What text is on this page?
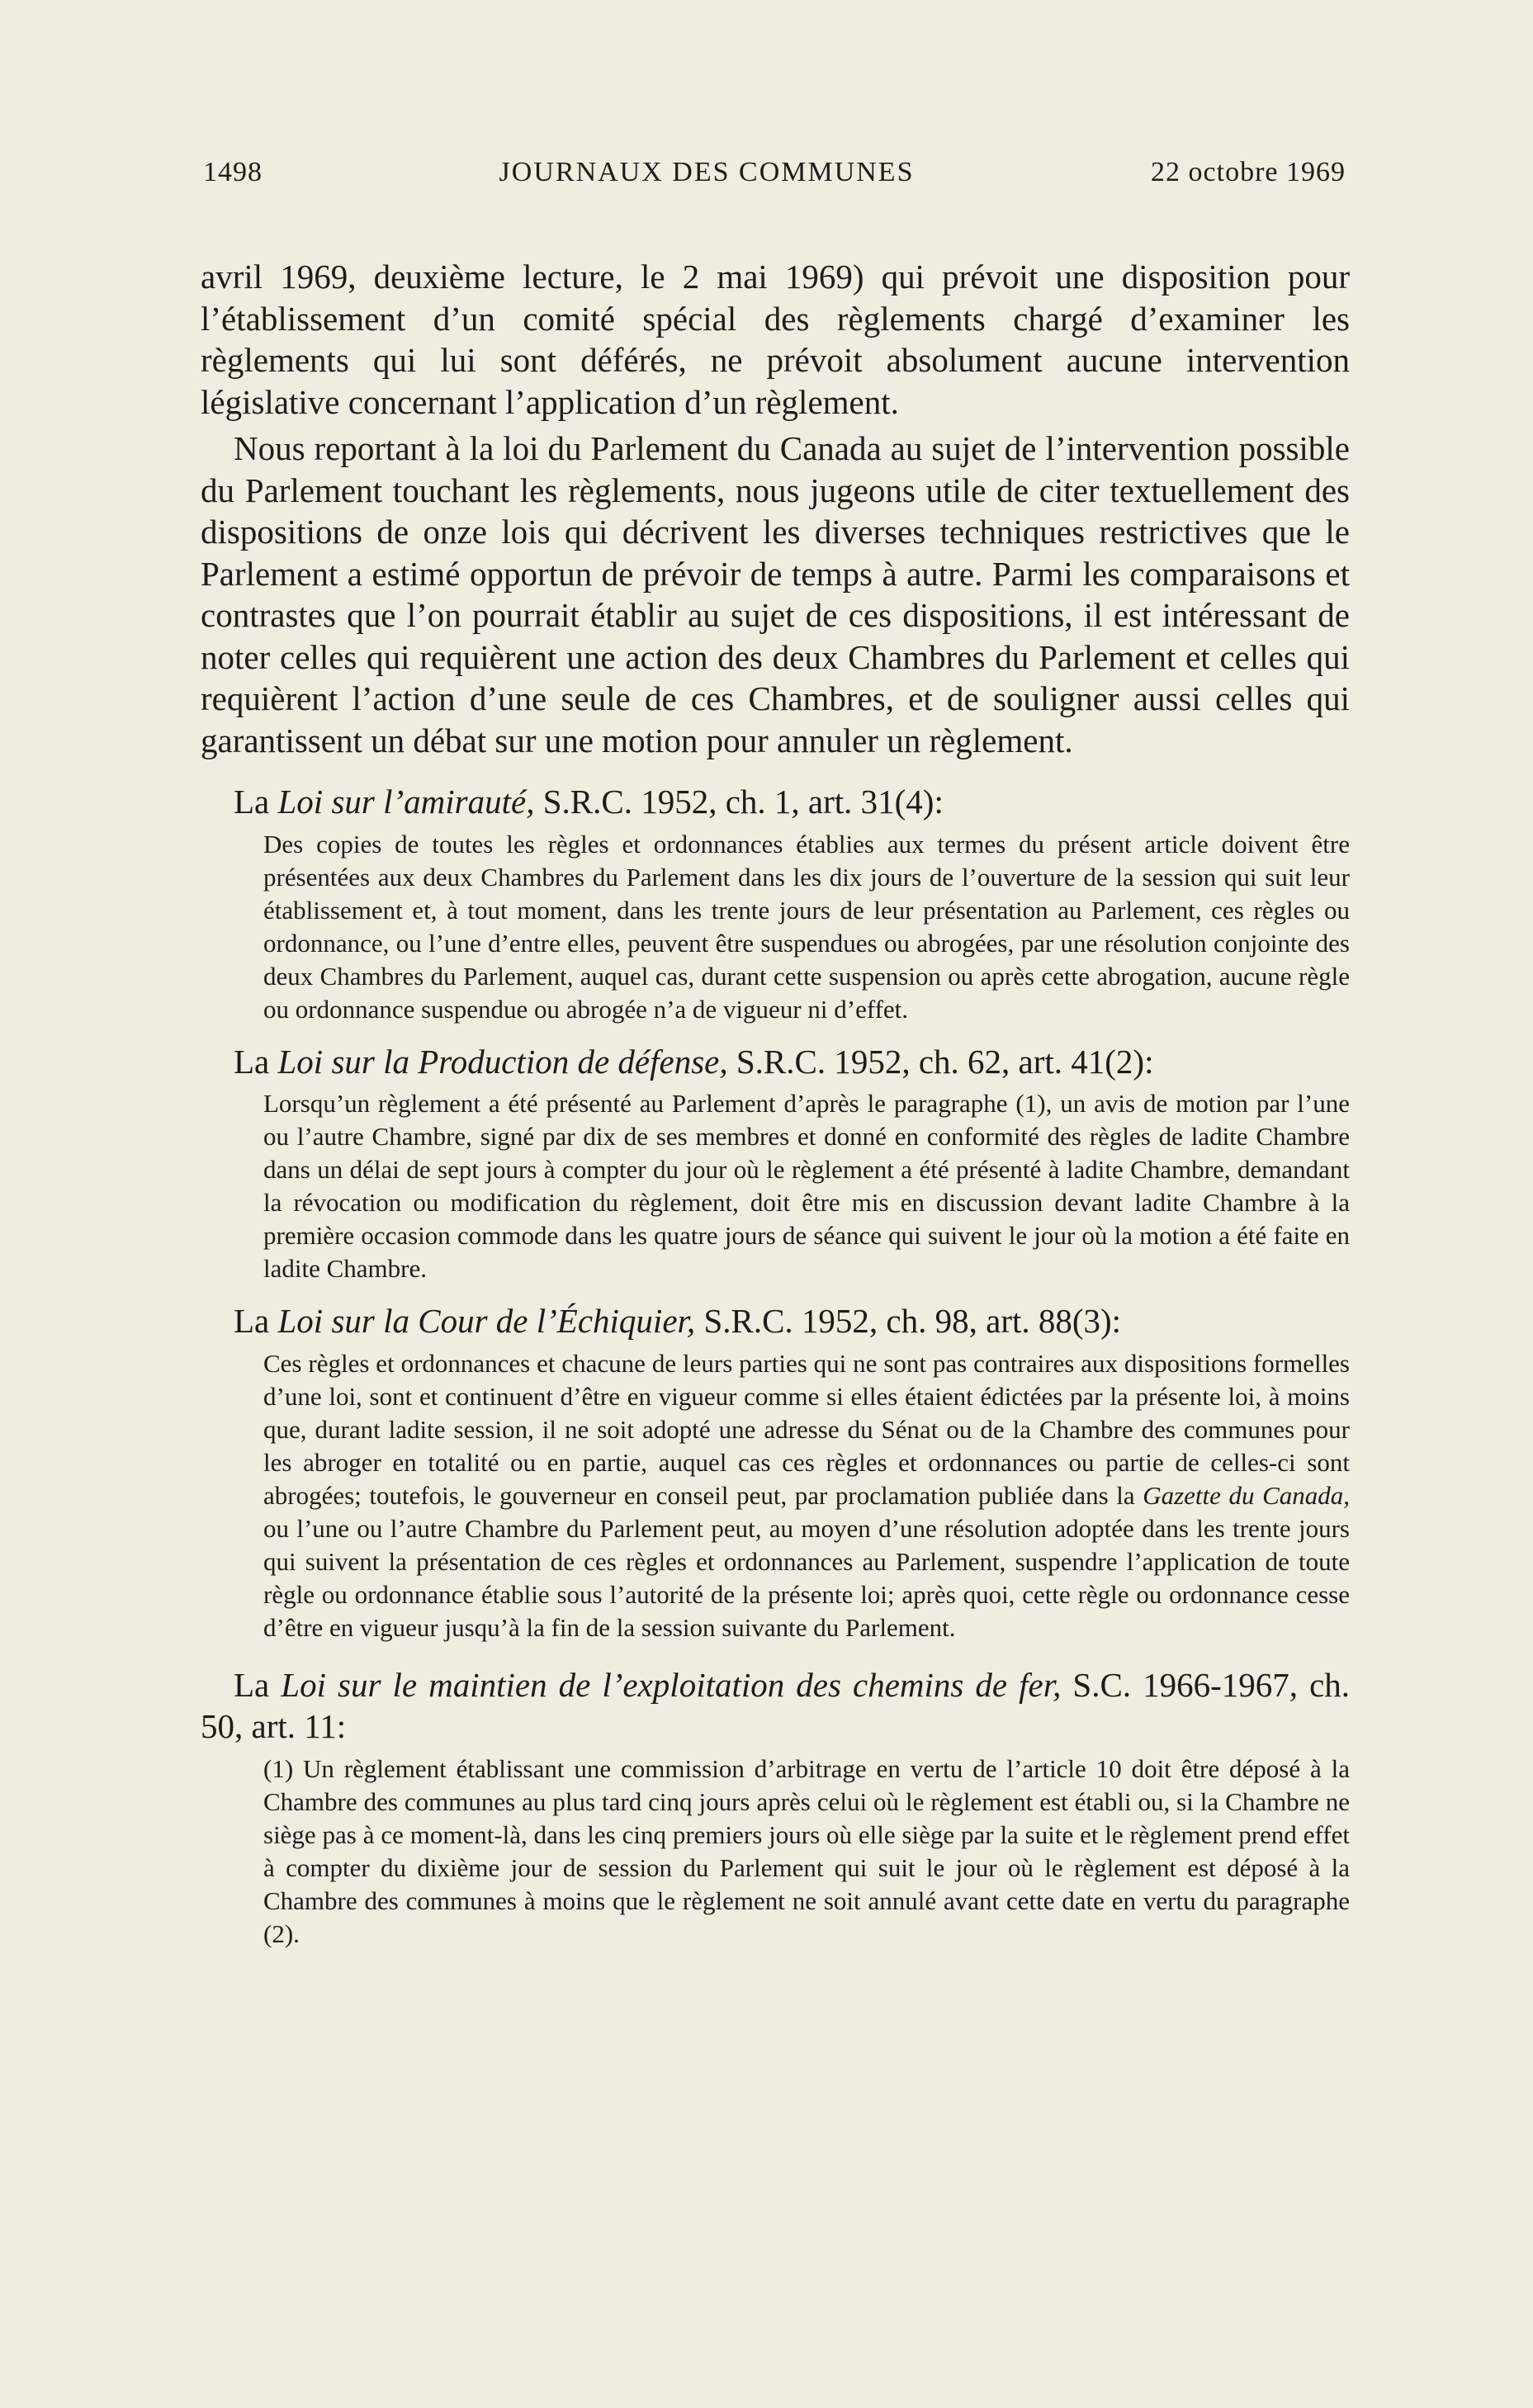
1498	JOURNAUX DES COMMUNES	22 octobre 1969

avril 1969, deuxième lecture, le 2 mai 1969) qui prévoit une disposition pour l’établissement d’un comité spécial des règlements chargé d’examiner les règlements qui lui sont déférés, ne prévoit absolument aucune intervention législative concernant l’application d’un règlement.

Nous reportant à la loi du Parlement du Canada au sujet de l’intervention possible du Parlement touchant les règlements, nous jugeons utile de citer textuellement des dispositions de onze lois qui décrivent les diverses techniques restrictives que le Parlement a estimé opportun de prévoir de temps à autre. Parmi les comparaisons et contrastes que l’on pourrait établir au sujet de ces dispositions, il est intéressant de noter celles qui requièrent une action des deux Chambres du Parlement et celles qui requièrent l’action d’une seule de ces Chambres, et de souligner aussi celles qui garantissent un débat sur une motion pour annuler un règlement.

La Loi sur l’amirauté, S.R.C. 1952, ch. 1, art. 31(4):

Des copies de toutes les règles et ordonnances établies aux termes du présent article doivent être présentées aux deux Chambres du Parlement dans les dix jours de l’ouverture de la session qui suit leur établissement et, à tout moment, dans les trente jours de leur présentation au Parlement, ces règles ou ordonnance, ou l’une d’entre elles, peuvent être suspendues ou abrogées, par une résolution conjointe des deux Chambres du Parlement, auquel cas, durant cette suspension ou après cette abrogation, aucune règle ou ordonnance suspendue ou abrogée n’a de vigueur ni d’effet.

La Loi sur la Production de défense, S.R.C. 1952, ch. 62, art. 41(2):

Lorsqu’un règlement a été présenté au Parlement d’après le paragraphe (1), un avis de motion par l’une ou l’autre Chambre, signé par dix de ses membres et donné en conformité des règles de ladite Chambre dans un délai de sept jours à compter du jour où le règlement a été présenté à ladite Chambre, demandant la révocation ou modification du règlement, doit être mis en discussion devant ladite Chambre à la première occasion commode dans les quatre jours de séance qui suivent le jour où la motion a été faite en ladite Chambre.

La Loi sur la Cour de l’Échiquier, S.R.C. 1952, ch. 98, art. 88(3):

Ces règles et ordonnances et chacune de leurs parties qui ne sont pas contraires aux dispositions formelles d’une loi, sont et continuent d’être en vigueur comme si elles étaient édictées par la présente loi, à moins que, durant ladite session, il ne soit adopté une adresse du Sénat ou de la Chambre des communes pour les abroger en totalité ou en partie, auquel cas ces règles et ordonnances ou partie de celles-ci sont abrogées; toutefois, le gouverneur en conseil peut, par proclamation publiée dans la Gazette du Canada, ou l’une ou l’autre Chambre du Parlement peut, au moyen d’une résolution adoptée dans les trente jours qui suivent la présentation de ces règles et ordonnances au Parlement, suspendre l’application de toute règle ou ordonnance établie sous l’autorité de la présente loi; après quoi, cette règle ou ordonnance cesse d’être en vigueur jusqu’à la fin de la session suivante du Parlement.

La Loi sur le maintien de l’exploitation des chemins de fer, S.C. 1966-1967, ch. 50, art. 11:

(1) Un règlement établissant une commission d’arbitrage en vertu de l’article 10 doit être déposé à la Chambre des communes au plus tard cinq jours après celui où le règlement est établi ou, si la Chambre ne siège pas à ce moment-là, dans les cinq premiers jours où elle siège par la suite et le règlement prend effet à compter du dixième jour de session du Parlement qui suit le jour où le règlement est déposé à la Chambre des communes à moins que le règlement ne soit annulé avant cette date en vertu du paragraphe (2).
